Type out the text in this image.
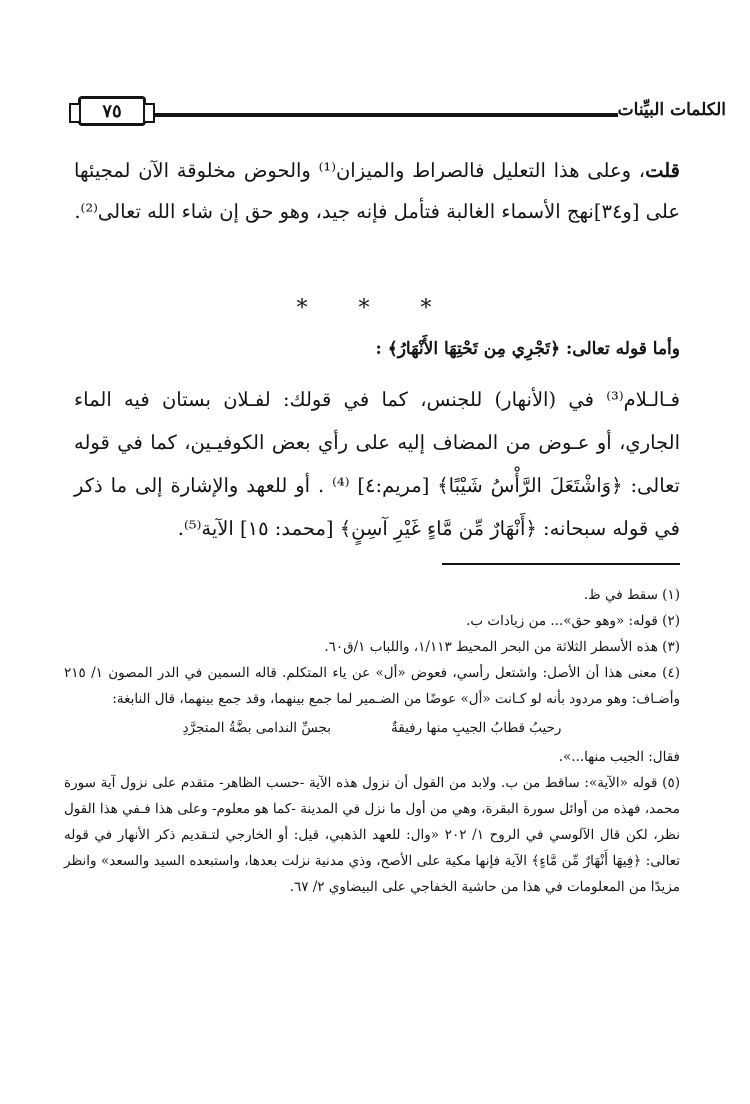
الكلمات البيِّنات
٧٥

قلت، وعلى هذا التعليل فالصراط والميزان⁽¹⁾ والحوض مخلوقة الآن لمجيئها على [و٣٤]نهج الأسماء الغالبة فتأمل فإنه جيد، وهو حق إن شاء الله تعالى⁽²⁾.

* * *
وأما قوله تعالى: ﴿تَجْرِي مِن تَحْتِهَا الأَنْهَارُ﴾ :

فـالـلام⁽³⁾ في (الأنهار) للجنس، كما في قولك: لفـلان بستان فيه الماء الجاري، أو عـوض من المضاف إليه على رأي بعض الكوفيـين، كما في قوله تعالى: ﴿وَاشْتَعَلَ الرَّأْسُ شَيْبًا﴾ [مريم:٤] ⁽⁴⁾ . أو للعهد والإشارة إلى ما ذكر في قوله سبحانه: ﴿أَنْهَارٌ مِّن مَّاءٍ غَيْرِ آسِنٍ﴾ [محمد: ١٥] الآية⁽⁵⁾.

(١) سقط في ظ.

(٢) قوله: «وهو حق»... من زيادات ب.

(٣) هذه الأسطر الثلاثة من البحر المحيط ١/١١٣، واللباب ١/ق٦٠.

(٤) معنى هذا أن الأصل: واشتعل رأسي، فعوض «أل» عن ياء المتكلم. قاله السمين في الدر المصون ١/ ٢١٥ وأضـاف: وهو مردود بأنه لو كـانت «أل» عوضًا من الضـمير لما جمع بينهما، وقد جمع بينهما، قال النابغة:

رحيبُ قطابُ الجيبِ منها رفيقةٌ
بجسِّ الندامى بضَّةُ المتجرَّدِ

فقال: الجيب منها...».

(٥) قوله «الآية»: ساقط من ب. ولابد من القول أن نزول هذه الآية -حسب الظاهر- متقدم على نزول آية سورة محمد، فهذه من أوائل سورة البقرة، وهي من أول ما نزل في المدينة -كما هو معلوم- وعلى هذا فـفي هذا القول نظر، لكن قال الآلوسي في الروح ١/ ٢٠٢ «وال: للعهد الذهبي، قيل: أو الخارجي لتـقديم ذكر الأنهار في قوله تعالى: ﴿فِيهَا أَنْهَارٌ مِّن مَّاءٍ﴾ الآية فإنها مكية على الأصح، وذي مدنية نزلت بعدها، واستبعده السيد والسعد» وانظر مزيدًا من المعلومات في هذا من حاشية الخفاجي على البيضاوي ٢/ ٦٧.
